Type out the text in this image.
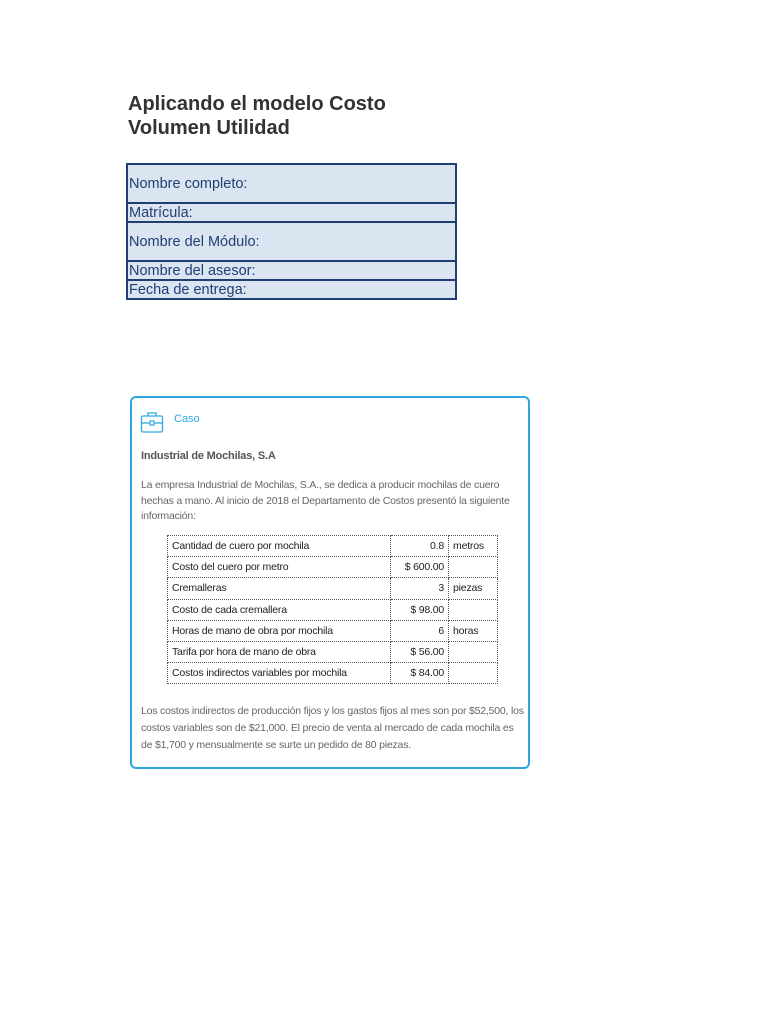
Aplicando el modelo Costo Volumen Utilidad
Nombre completo:
Matrícula:
Nombre del Módulo:
Nombre del asesor:
Fecha de entrega:
Caso
Industrial de Mochilas, S.A
La empresa Industrial de Mochilas, S.A., se dedica a producir mochilas de cuero hechas a mano. Al inicio de 2018 el Departamento de Costos presentó la siguiente información:
Cantidad de cuero por mochila	0.8	metros
Costo del cuero por metro	$ 600.00	
Cremalleras	3	piezas
Costo de cada cremallera	$ 98.00	
Horas de mano de obra por mochila	6	horas
Tarifa por hora de mano de obra	$ 56.00	
Costos indirectos variables por mochila	$ 84.00	
Los costos indirectos de producción fijos y los gastos fijos al mes son por $52,500, los costos variables son de $21,000. El precio de venta al mercado de cada mochila es de $1,700 y mensualmente se surte un pedido de 80 piezas.
